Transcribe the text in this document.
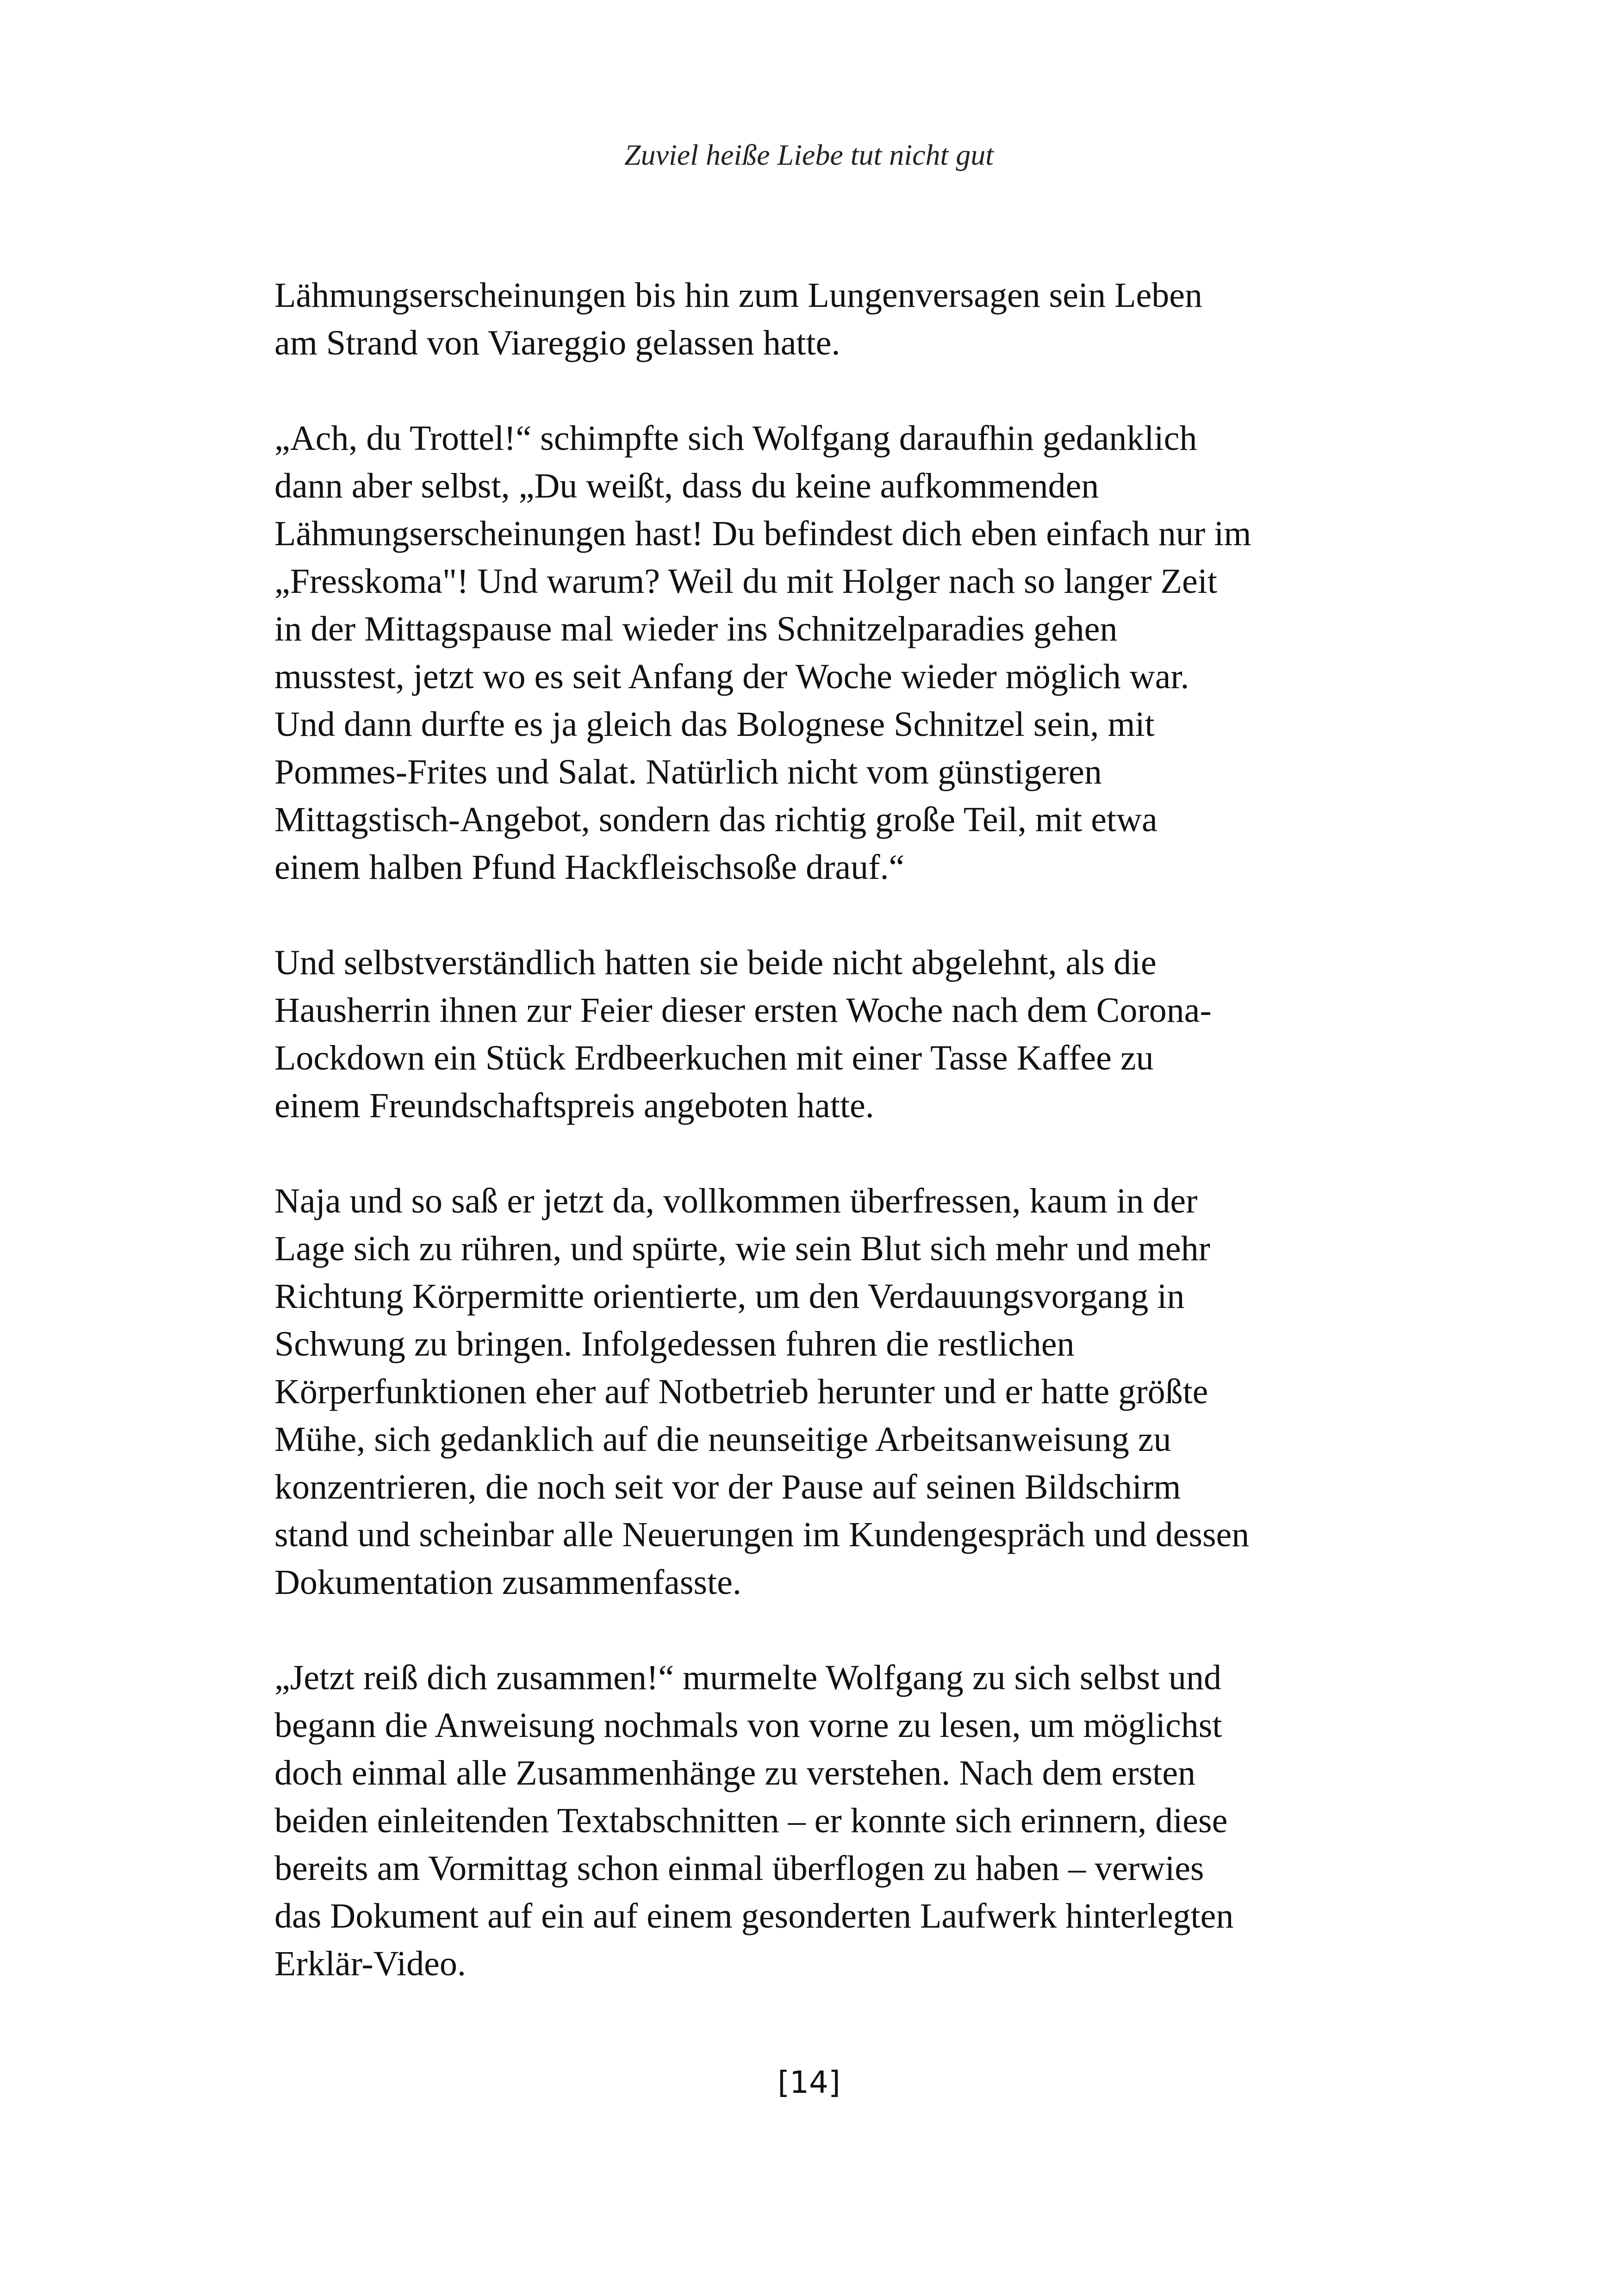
Zuviel heiße Liebe tut nicht gut

Lähmungserscheinungen bis hin zum Lungenversagen sein Leben
am Strand von Viareggio gelassen hatte.

„Ach, du Trottel!“ schimpfte sich Wolfgang daraufhin gedanklich
dann aber selbst, „Du weißt, dass du keine aufkommenden
Lähmungserscheinungen hast! Du befindest dich eben einfach nur im
„Fresskoma"! Und warum? Weil du mit Holger nach so langer Zeit
in der Mittagspause mal wieder ins Schnitzelparadies gehen
musstest, jetzt wo es seit Anfang der Woche wieder möglich war.
Und dann durfte es ja gleich das Bolognese Schnitzel sein, mit
Pommes-Frites und Salat. Natürlich nicht vom günstigeren
Mittagstisch-Angebot, sondern das richtig große Teil, mit etwa
einem halben Pfund Hackfleischsoße drauf.“

Und selbstverständlich hatten sie beide nicht abgelehnt, als die
Hausherrin ihnen zur Feier dieser ersten Woche nach dem Corona-
Lockdown ein Stück Erdbeerkuchen mit einer Tasse Kaffee zu
einem Freundschaftspreis angeboten hatte.

Naja und so saß er jetzt da, vollkommen überfressen, kaum in der
Lage sich zu rühren, und spürte, wie sein Blut sich mehr und mehr
Richtung Körpermitte orientierte, um den Verdauungsvorgang in
Schwung zu bringen. Infolgedessen fuhren die restlichen
Körperfunktionen eher auf Notbetrieb herunter und er hatte größte
Mühe, sich gedanklich auf die neunseitige Arbeitsanweisung zu
konzentrieren, die noch seit vor der Pause auf seinen Bildschirm
stand und scheinbar alle Neuerungen im Kundengespräch und dessen
Dokumentation zusammenfasste.

„Jetzt reiß dich zusammen!“ murmelte Wolfgang zu sich selbst und
begann die Anweisung nochmals von vorne zu lesen, um möglichst
doch einmal alle Zusammenhänge zu verstehen. Nach dem ersten
beiden einleitenden Textabschnitten – er konnte sich erinnern, diese
bereits am Vormittag schon einmal überflogen zu haben – verwies
das Dokument auf ein auf einem gesonderten Laufwerk hinterlegten
Erklär-Video.

[14]
